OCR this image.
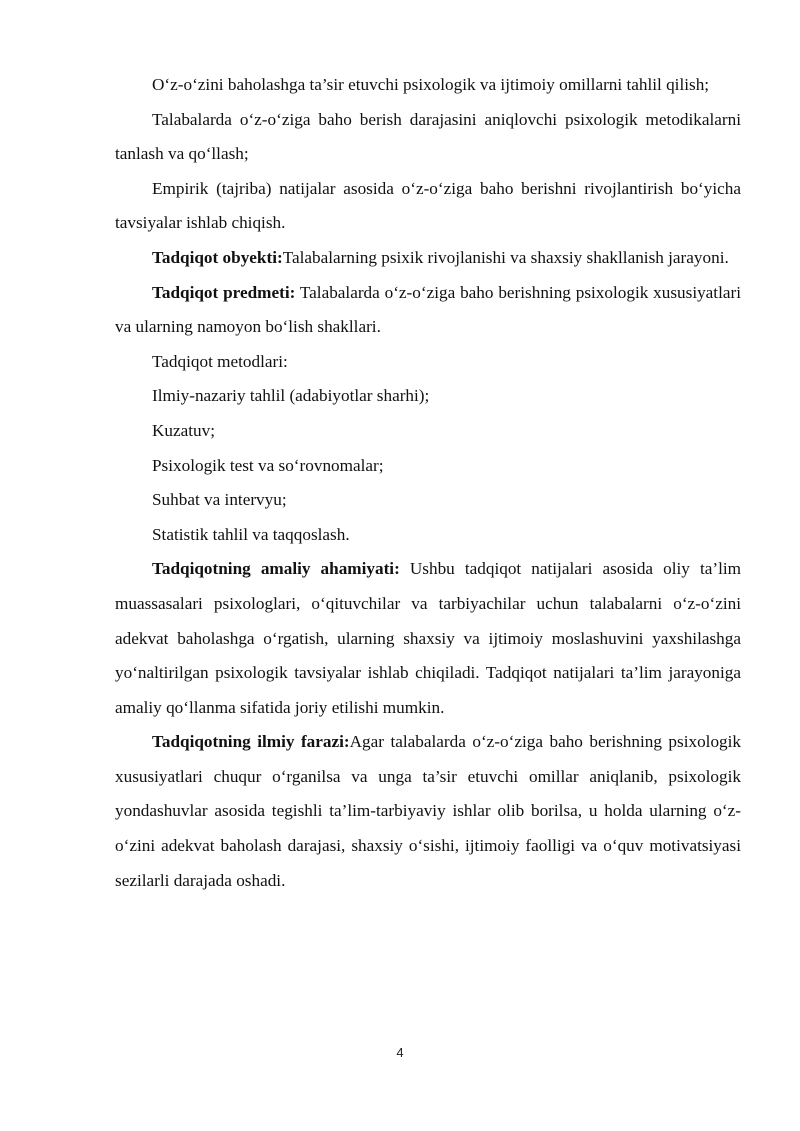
O‘z-o‘zini baholashga ta’sir etuvchi psixologik va ijtimoiy omillarni tahlil qilish;

Talabalarda o‘z-o‘ziga baho berish darajasini aniqlovchi psixologik metodikalarni tanlash va qo‘llash;

Empirik (tajriba) natijalar asosida o‘z-o‘ziga baho berishni rivojlantirish bo‘yicha tavsiyalar ishlab chiqish.

Tadqiqot obyekti:Talabalarning psixik rivojlanishi va shaxsiy shakllanish jarayoni.

Tadqiqot predmeti: Talabalarda o‘z-o‘ziga baho berishning psixologik xususiyatlari va ularning namoyon bo‘lish shakllari.

Tadqiqot metodlari:

Ilmiy-nazariy tahlil (adabiyotlar sharhi);

Kuzatuv;

Psixologik test va so‘rovnomalar;

Suhbat va intervyu;

Statistik tahlil va taqqoslash.

Tadqiqotning amaliy ahamiyati: Ushbu tadqiqot natijalari asosida oliy ta’lim muassasalari psixologlari, o‘qituvchilar va tarbiyachilar uchun talabalarni o‘z-o‘zini adekvat baholashga o‘rgatish, ularning shaxsiy va ijtimoiy moslashuvini yaxshilashga yo‘naltirilgan psixologik tavsiyalar ishlab chiqiladi. Tadqiqot natijalari ta’lim jarayoniga amaliy qo‘llanma sifatida joriy etilishi mumkin.

Tadqiqotning ilmiy farazi:Agar talabalarda o‘z-o‘ziga baho berishning psixologik xususiyatlari chuqur o‘rganilsa va unga ta’sir etuvchi omillar aniqlanib, psixologik yondashuvlar asosida tegishli ta’lim-tarbiyaviy ishlar olib borilsa, u holda ularning o‘z-o‘zini adekvat baholash darajasi, shaxsiy o‘sishi, ijtimoiy faolligi va o‘quv motivatsiyasi sezilarli darajada oshadi.

4
